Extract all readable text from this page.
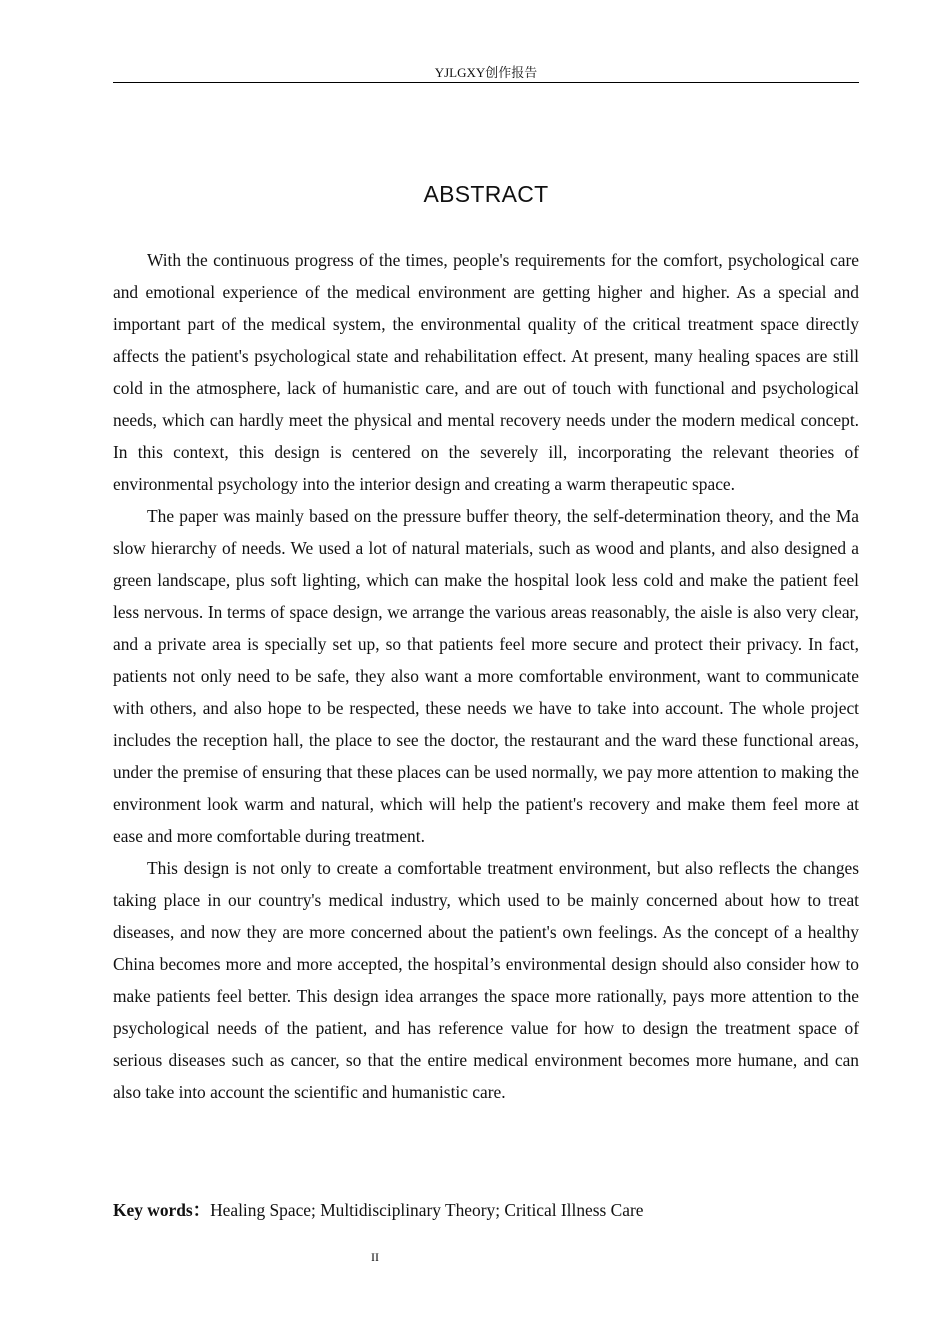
YJLGXY创作报告
ABSTRACT

With the continuous progress of the times, people's requirements for the comfort, psychological care and emotional experience of the medical environment are getting higher and higher. As a special and important part of the medical system, the environmental quality of the critical treatment space directly affects the patient's psychological state and rehabilitation effect. At present, many healing spaces are still cold in the atmosphere, lack of humanistic care, and are out of touch with functional and psychological needs, which can hardly meet the physical and mental recovery needs under the modern medical concept. In this context, this design is centered on the severely ill, incorporating the relevant theories of environmental psychology into the interior design and creating a warm therapeutic space.

The paper was mainly based on the pressure buffer theory, the self-determination theory, and the Ma slow hierarchy of needs. We used a lot of natural materials, such as wood and plants, and also designed a green landscape, plus soft lighting, which can make the hospital look less cold and make the patient feel less nervous. In terms of space design, we arrange the various areas reasonably, the aisle is also very clear, and a private area is specially set up, so that patients feel more secure and protect their privacy. In fact, patients not only need to be safe, they also want a more comfortable environment, want to communicate with others, and also hope to be respected, these needs we have to take into account. The whole project includes the reception hall, the place to see the doctor, the restaurant and the ward these functional areas, under the premise of ensuring that these places can be used normally, we pay more attention to making the environment look warm and natural, which will help the patient's recovery and make them feel more at ease and more comfortable during treatment.

This design is not only to create a comfortable treatment environment, but also reflects the changes taking place in our country's medical industry, which used to be mainly concerned about how to treat diseases, and now they are more concerned about the patient's own feelings. As the concept of a healthy China becomes more and more accepted, the hospital’s environmental design should also consider how to make patients feel better. This design idea arranges the space more rationally, pays more attention to the psychological needs of the patient, and has reference value for how to design the treatment space of serious diseases such as cancer, so that the entire medical environment becomes more humane, and can also take into account the scientific and humanistic care.

Key words：Healing Space; Multidisciplinary Theory; Critical Illness Care
II
